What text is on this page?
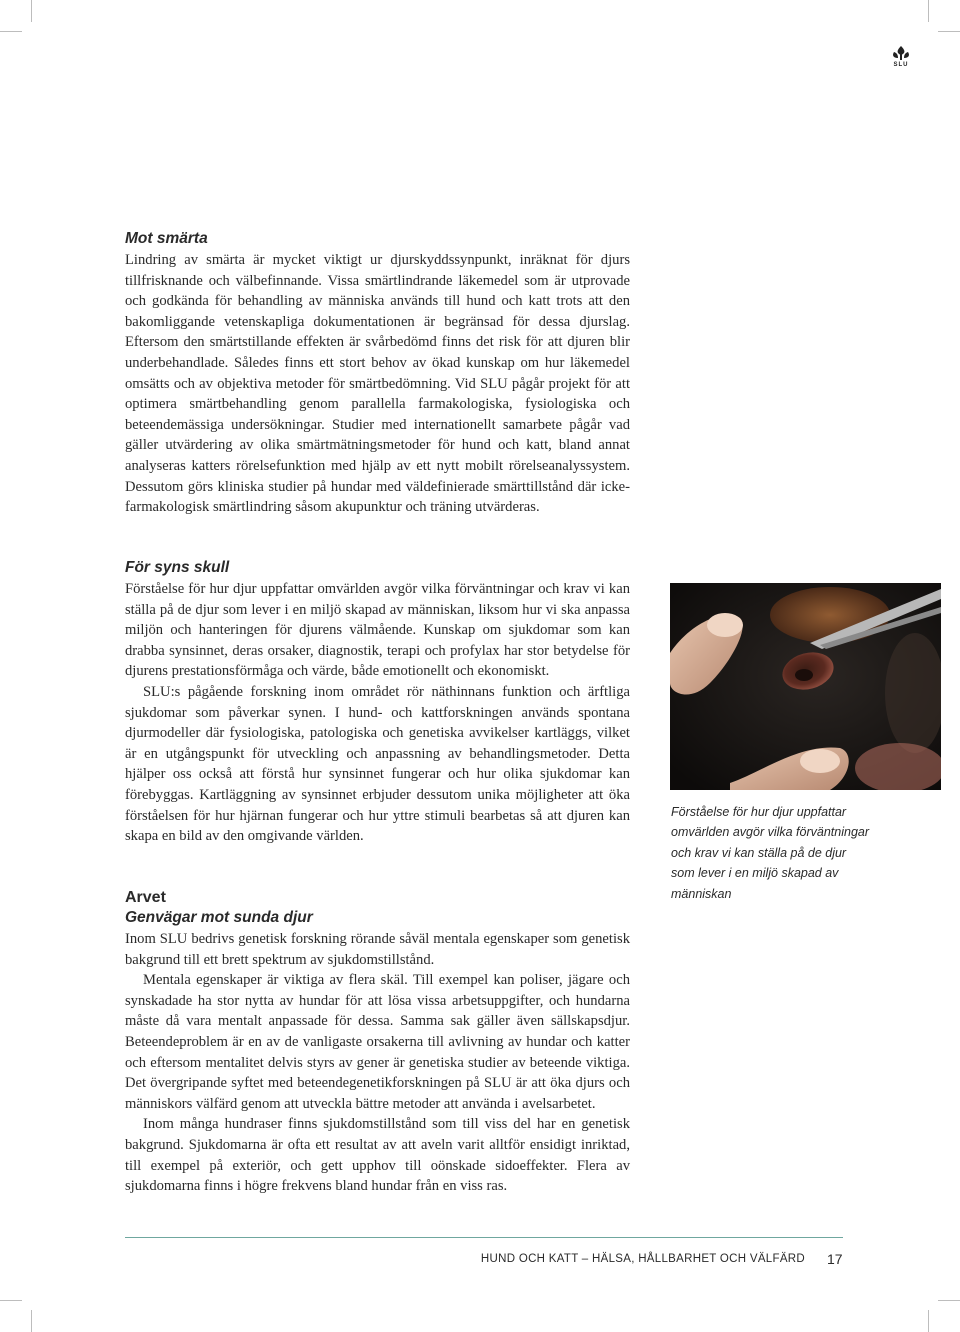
SLU
Mot smärta

Lindring av smärta är mycket viktigt ur djurskyddssynpunkt, inräknat för djurs tillfrisknande och välbefinnande. Vissa smärtlindrande läkemedel som är utprovade och godkända för behandling av människa används till hund och katt trots att den bakomliggande vetenskapliga dokumentationen är begränsad för dessa djurslag. Eftersom den smärtstillande effekten är svårbedömd finns det risk för att djuren blir underbehandlade. Således finns ett stort behov av ökad kunskap om hur läkemedel omsätts och av objektiva metoder för smärtbedömning. Vid SLU pågår projekt för att optimera smärtbehandling genom parallella farmakologiska, fysiologiska och beteendemässiga undersökningar. Studier med internationellt samarbete pågår vad gäller utvärdering av olika smärtmätningsmetoder för hund och katt, bland annat analyseras katters rörelsefunktion med hjälp av ett nytt mobilt rörelseanalyssystem. Dessutom görs kliniska studier på hundar med väldefinierade smärttillstånd där icke-farmakologisk smärtlindring såsom akupunktur och träning utvärderas.

För syns skull

Förståelse för hur djur uppfattar omvärlden avgör vilka förväntningar och krav vi kan ställa på de djur som lever i en miljö skapad av människan, liksom hur vi ska anpassa miljön och hanteringen för djurens välmående. Kunskap om sjukdomar som kan drabba synsinnet, deras orsaker, diagnostik, terapi och profylax har stor betydelse för djurens prestationsförmåga och värde, både emotionellt och ekonomiskt.

SLU:s pågående forskning inom området rör näthinnans funktion och ärftliga sjukdomar som påverkar synen. I hund- och kattforskningen används spontana djurmodeller där fysiologiska, patologiska och genetiska avvikelser kartläggs, vilket är en utgångspunkt för utveckling och anpassning av behandlingsmetoder. Detta hjälper oss också att förstå hur synsinnet fungerar och hur olika sjukdomar kan förebyggas. Kartläggning av synsinnet erbjuder dessutom unika möjligheter att öka förståelsen för hur hjärnan fungerar och hur yttre stimuli bearbetas så att djuren kan skapa en bild av den omgivande världen.

Arvet
Genvägar mot sunda djur

Inom SLU bedrivs genetisk forskning rörande såväl mentala egenskaper som genetisk bakgrund till ett brett spektrum av sjukdomstillstånd.

Mentala egenskaper är viktiga av flera skäl. Till exempel kan poliser, jägare och synskadade ha stor nytta av hundar för att lösa vissa arbetsuppgifter, och hundarna måste då vara mentalt anpassade för dessa. Samma sak gäller även sällskapsdjur. Beteendeproblem är en av de vanligaste orsakerna till avlivning av hundar och katter och eftersom mentalitet delvis styrs av gener är genetiska studier av beteende viktiga. Det övergripande syftet med beteendegenetikforskningen på SLU är att öka djurs och människors välfärd genom att utveckla bättre metoder att använda i avelsarbetet.

Inom många hundraser finns sjukdomstillstånd som till viss del har en genetisk bakgrund. Sjukdomarna är ofta ett resultat av att aveln varit alltför ensidigt inriktad, till exempel på exteriör, och gett upphov till oönskade sidoeffekter. Flera av sjukdomarna finns i högre frekvens bland hundar från en viss ras.

Förståelse för hur djur uppfattar omvärlden avgör vilka förväntningar och krav vi kan ställa på de djur som lever i en miljö skapad av människan
HUND OCH KATT – HÄLSA, HÅLLBARHET OCH VÄLFÄRD 17
